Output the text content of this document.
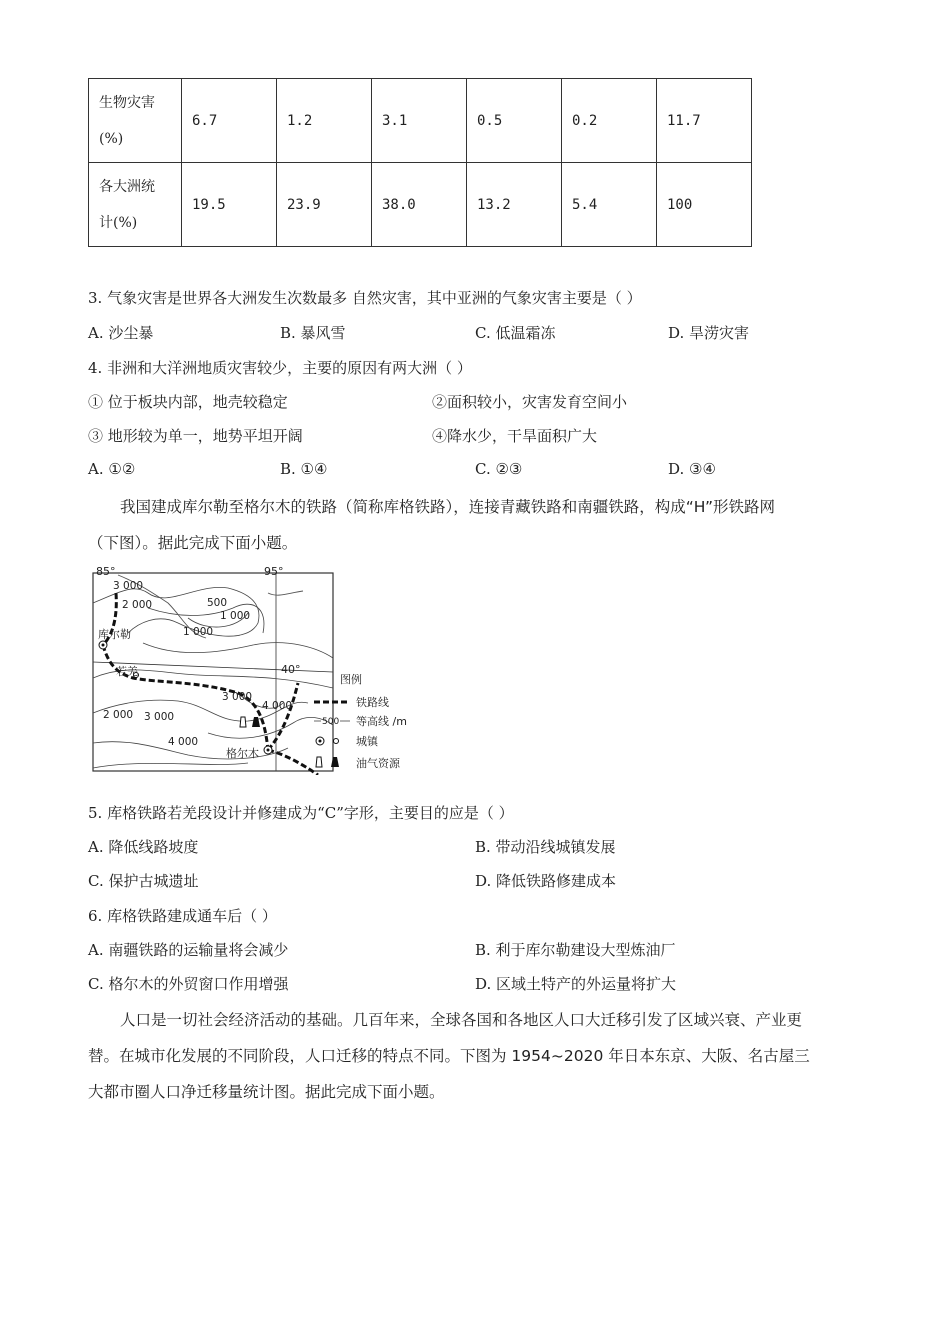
生物灾害
(%)	6.7	1.2	3.1	0.5	0.2	11.7
各大洲统
计(%)	19.5	23.9	38.0	13.2	5.4	100
3. 气象灾害是世界各大洲发生次数最多 自然灾害，其中亚洲的气象灾害主要是（ ）
A. 沙尘暴	B. 暴风雪	C. 低温霜冻	D. 旱涝灾害
4. 非洲和大洋洲地质灾害较少，主要的原因有两大洲（ ）
① 位于板块内部，地壳较稳定	②面积较小，灾害发育空间小
③ 地形较为单一，地势平坦开阔	④降水少，干旱面积广大
A. ①②	B. ①④	C. ②③	D. ③④
我国建成库尔勒至格尔木的铁路（简称库格铁路），连接青藏铁路和南疆铁路，构成“H”形铁路网
（下图）。据此完成下面小题。
85°	95°
40°
3 000
2 000	500
1 000
1 000
3 000
4 000
2 000 3 000
4 000
库尔勒
若羌
格尔木
图例
铁路线
500 等高线 /m
城镇
油气资源
5. 库格铁路若羌段设计并修建成为“C”字形，主要目的应是（ ）
A. 降低线路坡度	B. 带动沿线城镇发展
C. 保护古城遗址	D. 降低铁路修建成本
6. 库格铁路建成通车后（ ）
A. 南疆铁路的运输量将会减少	B. 利于库尔勒建设大型炼油厂
C. 格尔木的外贸窗口作用增强	D. 区域土特产的外运量将扩大
人口是一切社会经济活动的基础。几百年来，全球各国和各地区人口大迁移引发了区域兴衰、产业更
替。在城市化发展的不同阶段，人口迁移的特点不同。下图为 1954~2020 年日本东京、大阪、名古屋三
大都市圈人口净迁移量统计图。据此完成下面小题。
